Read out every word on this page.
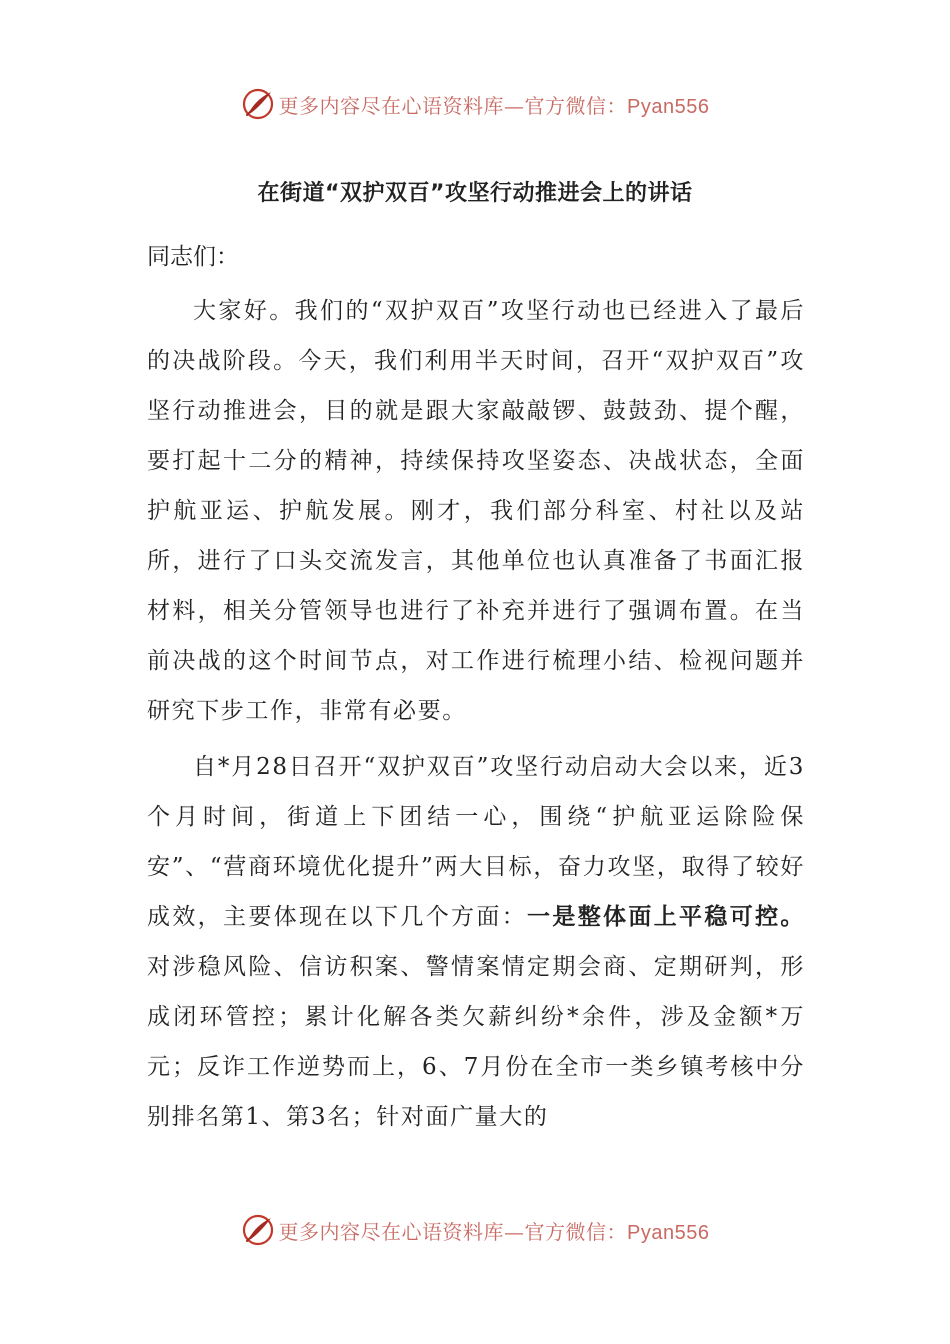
更多内容尽在心语资料库—官方微信：Pyan556
在街道“双护双百”攻坚行动推进会上的讲话

同志们：

大家好。我们的“双护双百”攻坚行动也已经进入了最后的决战阶段。今天，我们利用半天时间，召开“双护双百”攻坚行动推进会，目的就是跟大家敲敲锣、鼓鼓劲、提个醒，要打起十二分的精神，持续保持攻坚姿态、决战状态，全面护航亚运、护航发展。刚才，我们部分科室、村社以及站所，进行了口头交流发言，其他单位也认真准备了书面汇报材料，相关分管领导也进行了补充并进行了强调布置。在当前决战的这个时间节点，对工作进行梳理小结、检视问题并研究下步工作，非常有必要。

自*月28日召开“双护双百”攻坚行动启动大会以来，近3个月时间，街道上下团结一心，围绕“护航亚运除险保安”、“营商环境优化提升”两大目标，奋力攻坚，取得了较好成效，主要体现在以下几个方面：一是整体面上平稳可控。对涉稳风险、信访积案、警情案情定期会商、定期研判，形成闭环管控；累计化解各类欠薪纠纷*余件，涉及金额*万元；反诈工作逆势而上，6、7月份在全市一类乡镇考核中分别排名第1、第3名；针对面广量大的

更多内容尽在心语资料库—官方微信：Pyan556
